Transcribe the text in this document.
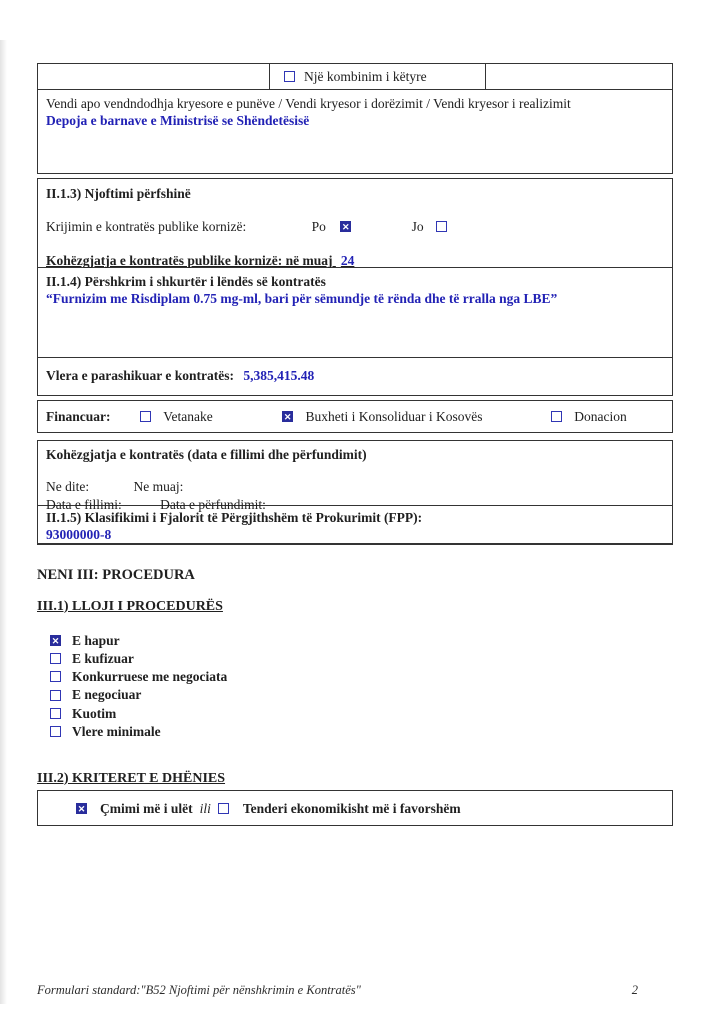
Një kombinim i këtyre
Vendi apo vendndodhja kryesore e punëve / Vendi kryesor i dorëzimit / Vendi kryesor i realizimit
Depoja e barnave e Ministrisë se Shëndetësisë
II.1.3) Njoftimi përfshinë
Krijimin e kontratës publike kornizë:	Po ✕	Jo
Kohëzgjatja e kontratës publike kornizë: në muaj 24
II.1.4) Përshkrim i shkurtër i lëndës së kontratës
“Furnizim me Risdiplam 0.75 mg-ml, bari për sëmundje të rënda dhe të rralla nga LBE”
Vlera e parashikuar e kontratës: 5,385,415.48
Financuar:	Vetanake ✕	Buxheti i Konsoliduar i Kosovës	Donacion
Kohëzgjatja e kontratës (data e fillimi dhe përfundimit)
Ne dite:	Ne muaj:
Data e fillimi:	Data e përfundimit:
II.1.5) Klasifikimi i Fjalorit të Përgjithshëm të Prokurimit (FPP):
93000000-8
NENI III: PROCEDURA
III.1) LLOJI I PROCEDURËS
✕
E hapur
E kufizuar
Konkurruese me negociata
E negociuar
Kuotim
Vlere minimale
III.2) KRITERET E DHËNIES
✕
Çmimi më i ulët ili Tenderi ekonomikisht më i favorshëm
Formulari standard:"B52 Njoftimi për nënshkrimin e Kontratës"	2
